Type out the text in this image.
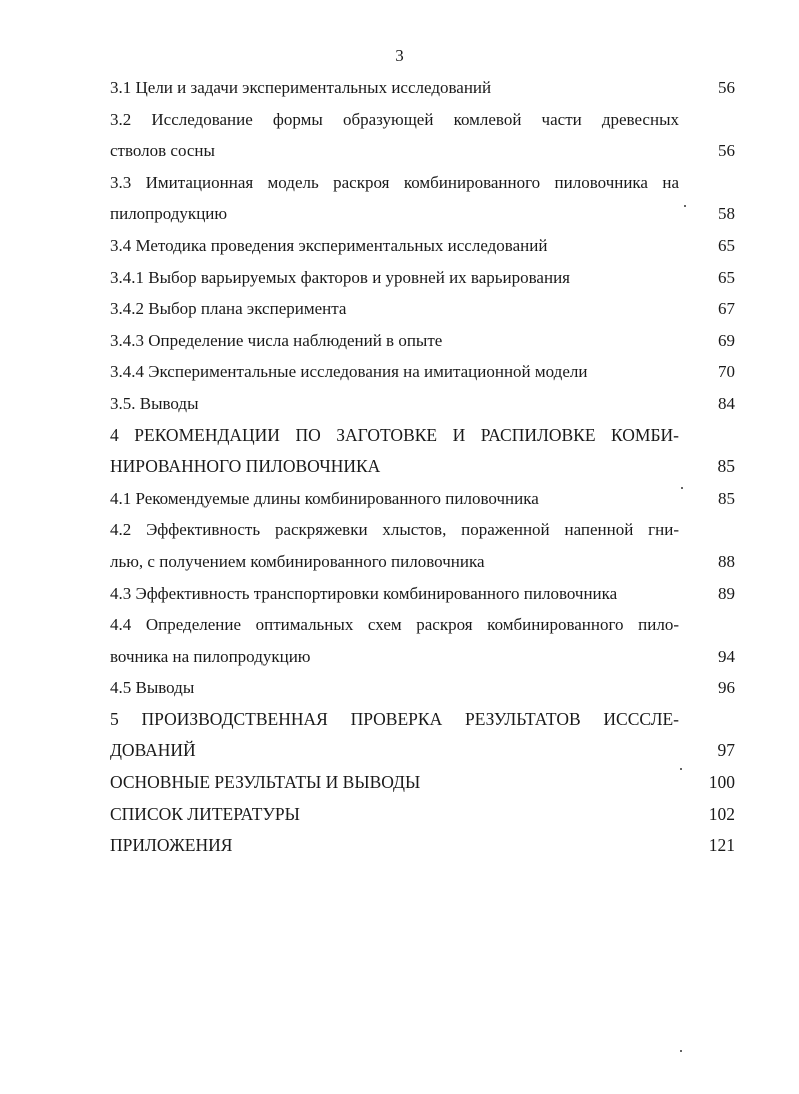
3
3.1 Цели и задачи экспериментальных исследований	56
3.2 Исследование формы образующей комлевой части древесных
стволов сосны	56
3.3 Имитационная модель раскроя комбинированного пиловочника на
пилопродукцию	58
3.4 Методика проведения экспериментальных исследований	65
3.4.1 Выбор варьируемых факторов и уровней их варьирования	65
3.4.2 Выбор плана эксперимента	67
3.4.3 Определение числа наблюдений в опыте	69
3.4.4 Экспериментальные исследования на имитационной модели	70
3.5. Выводы	84
4 РЕКОМЕНДАЦИИ ПО ЗАГОТОВКЕ И РАСПИЛОВКЕ КОМБИ-
НИРОВАННОГО ПИЛОВОЧНИКА	85
4.1 Рекомендуемые длины комбинированного пиловочника	85
4.2 Эффективность раскряжевки хлыстов, пораженной напенной гни-
лью, с получением комбинированного пиловочника	88
4.3 Эффективность транспортировки комбинированного пиловочника	89
4.4 Определение оптимальных схем раскроя комбинированного пило-
вочника на пилопродукцию	94
4.5 Выводы	96
5 ПРОИЗВОДСТВЕННАЯ ПРОВЕРКА РЕЗУЛЬТАТОВ ИСССЛЕ-
ДОВАНИЙ	97
ОСНОВНЫЕ РЕЗУЛЬТАТЫ И ВЫВОДЫ	100
СПИСОК ЛИТЕРАТУРЫ	102
ПРИЛОЖЕНИЯ	121
